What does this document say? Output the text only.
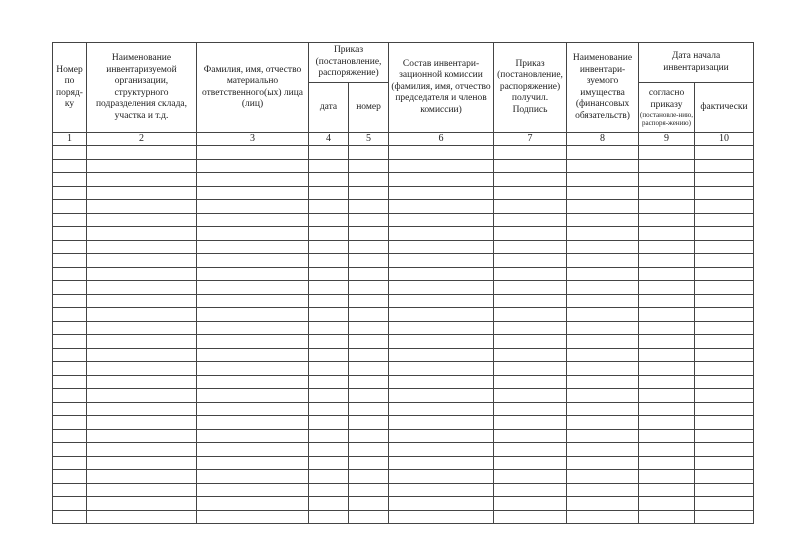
Номер по поряд-ку	Наименование инвентаризуемой организации, структурного подразделения склада, участка и т.д.	Фамилия, имя, отчество материально ответственного(ых) лица (лиц)	Приказ (постановление, распоряжение)		Состав инвентари-зационной комиссии (фамилия, имя, отчество председателя и членов комиссии)	Приказ (постановление, распоряжение) получил. Подпись	Наименование инвентари-зуемого имущества (финансовых обязательств)	Дата начала инвентаризации	
			дата	номер				согласно приказу
(постановле-нию, распоря-жению)	фактически
1	2	3	4	5	6	7	8	9	10
